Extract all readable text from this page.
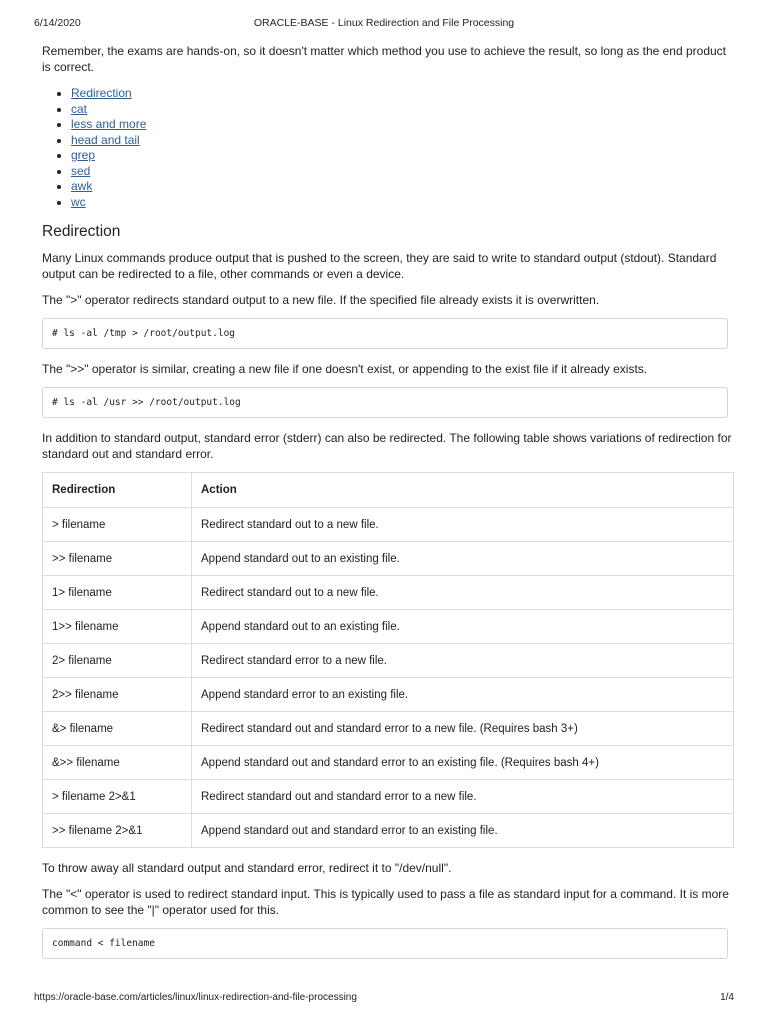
6/14/2020	ORACLE-BASE - Linux Redirection and File Processing

Remember, the exams are hands-on, so it doesn't matter which method you use to achieve the result, so long as the end product is correct.

• Redirection
• cat
• less and more
• head and tail
• grep
• sed
• awk
• wc
Redirection

Many Linux commands produce output that is pushed to the screen, they are said to write to standard output (stdout). Standard output can be redirected to a file, other commands or even a device.

The ">" operator redirects standard output to a new file. If the specified file already exists it is overwritten.

# ls -al /tmp > /root/output.log

The ">>" operator is similar, creating a new file if one doesn't exist, or appending to the exist file if it already exists.

# ls -al /usr >> /root/output.log

In addition to standard output, standard error (stderr) can also be redirected. The following table shows variations of redirection for standard out and standard error.

Redirection	Action
> filename	Redirect standard out to a new file.
>> filename	Append standard out to an existing file.
1> filename	Redirect standard out to a new file.
1>> filename	Append standard out to an existing file.
2> filename	Redirect standard error to a new file.
2>> filename	Append standard error to an existing file.
&> filename	Redirect standard out and standard error to a new file. (Requires bash 3+)
&>> filename	Append standard out and standard error to an existing file. (Requires bash 4+)
> filename 2>&1	Redirect standard out and standard error to a new file.
>> filename 2>&1	Append standard out and standard error to an existing file.

To throw away all standard output and standard error, redirect it to "/dev/null".

The "<" operator is used to redirect standard input. This is typically used to pass a file as standard input for a command. It is more common to see the "|" operator used for this.

command < filename
https://oracle-base.com/articles/linux/linux-redirection-and-file-processing	1/4
